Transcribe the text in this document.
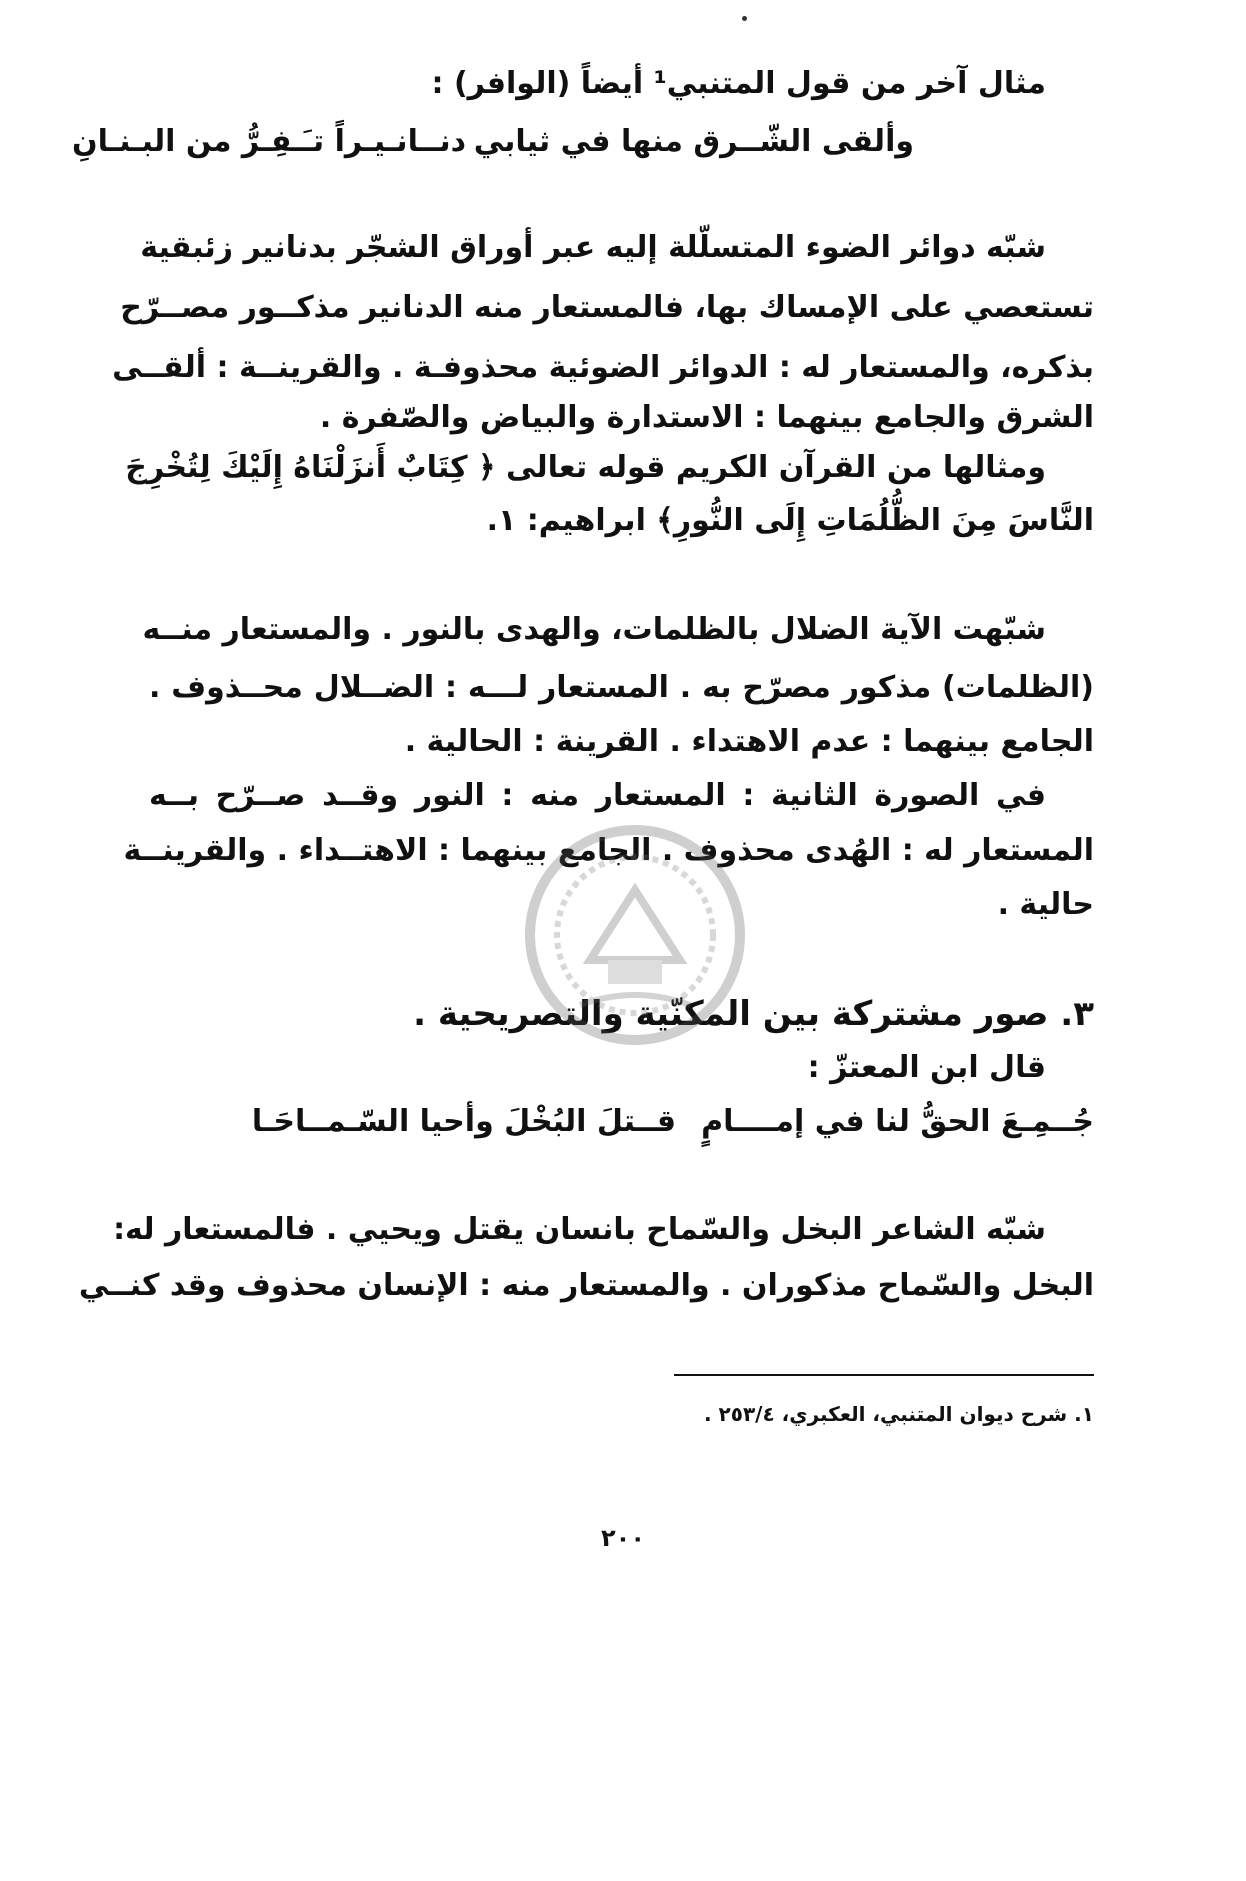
مثال آخر من قول المتنبي¹ أيضاً (الوافر) :
وألقى الشّــرق منها في ثيابي
دنــانـيـراً تـَـفِـرُّ من البـنـانِ
شبّه دوائر الضوء المتسلّلة إليه عبر أوراق الشجّر بدنانير زئبقية
تستعصي على الإمساك بها، فالمستعار منه الدنانير مذكــور مصــرّح
بذكره، والمستعار له : الدوائر الضوئية محذوفـة . والقرينــة : ألقــى
الشرق والجامع بينهما : الاستدارة والبياض والصّفرة .
ومثالها من القرآن الكريم قوله تعالى ﴿ كِتَابٌ أَنزَلْنَاهُ إِلَيْكَ لِتُخْرِجَ
النَّاسَ مِنَ الظُّلُمَاتِ إِلَى النُّورِ﴾ ابراهيم: ١.
شبّهت الآية الضلال بالظلمات، والهدى بالنور . والمستعار منــه
(الظلمات) مذكور مصرّح به . المستعار لـــه : الضــلال محــذوف .
الجامع بينهما : عدم الاهتداء . القرينة : الحالية .
في الصورة الثانية : المستعار منه : النور وقــد صــرّح بــه
المستعار له : الهُدى محذوف . الجامع بينهما : الاهتــداء . والقرينــة
حالية .
٣. صور مشتركة بين المكنّية والتصريحية .
قال ابن المعتزّ :
جُــمِـعَ الحقُّ لنا في إمــــامٍ
قــتلَ البُخْلَ وأحيا السّـمــاحَـا
شبّه الشاعر البخل والسّماح بانسان يقتل ويحيي . فالمستعار له:
البخل والسّماح مذكوران . والمستعار منه : الإنسان محذوف وقد كنــي
١. شرح ديوان المتنبي، العكبري، ٢٥٣/٤ .
٢٠٠
